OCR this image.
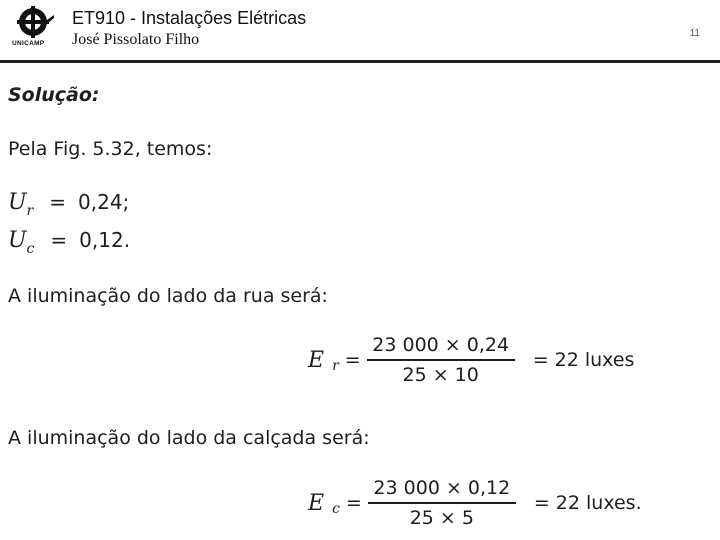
UNICAMP
ET910 - Instalações Elétricas
José Pissolato Filho	11
Solução:
Pela Fig. 5.32, temos:
$U_r = 0,24$;
$U_c = 0,12$.
A iluminação do lado da rua será:
E $r = \frac{23 000 \times 0,24}{25 \times 10} = 22$ luxes
A iluminação do lado da calçada será:
E $c = \frac{23 000 \times 0,12}{25 \times 5} = 22$ luxes.
